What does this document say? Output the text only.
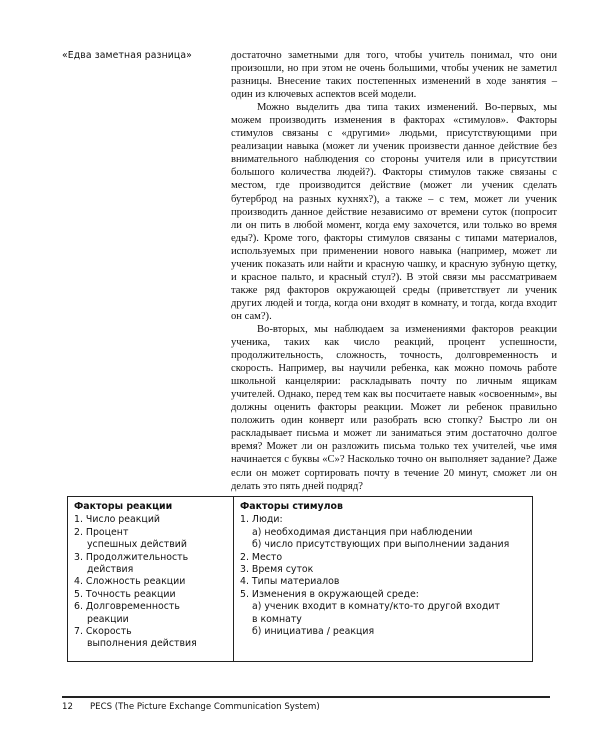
«Едва заметная разница»	достаточно заметными для того, чтобы учитель понимал, что они произошли, но при этом не очень большими, чтобы ученик не заметил разницы. Внесение таких постепенных изменений в ходе занятия – один из ключевых аспектов всей модели.

Можно выделить два типа таких изменений. Во-первых, мы можем производить изменения в факторах «стимулов». Факторы стимулов связаны с «другими» людьми, присутствующими при реализации навыка (может ли ученик произвести данное действие без внимательного наблюдения со стороны учителя или в присутствии большого количества людей?). Факторы стимулов также связаны с местом, где производится действие (может ли ученик сделать бутерброд на разных кухнях?), а также – с тем, может ли ученик производить данное действие независимо от времени суток (попросит ли он пить в любой момент, когда ему захочется, или только во время еды?). Кроме того, факторы стимулов связаны с типами материалов, используемых при применении нового навыка (например, может ли ученик показать или найти и красную чашку, и красную зубную щетку, и красное пальто, и красный стул?). В этой связи мы рассматриваем также ряд факторов окружающей среды (приветствует ли ученик других людей и тогда, когда они входят в комнату, и тогда, когда входит он сам?).

Во-вторых, мы наблюдаем за изменениями факторов реакции ученика, таких как число реакций, процент успешности, продолжительность, сложность, точность, долговременность и скорость. Например, вы научили ребенка, как можно помочь работе школьной канцелярии: раскладывать почту по личным ящикам учителей. Однако, перед тем как вы посчитаете навык «освоенным», вы должны оценить факторы реакции. Может ли ребенок правильно положить один конверт или разобрать всю стопку? Быстро ли он раскладывает письма и может ли заниматься этим достаточно долгое время? Может ли он разложить письма только тех учителей, чье имя начинается с буквы «С»? Насколько точно он выполняет задание? Даже если он может сортировать почту в течение 20 минут, сможет ли он делать это пять дней подряд?

Факторы реакции
1. Число реакций
2. Процент
успешных действий
3. Продолжительность
действия
4. Сложность реакции
5. Точность реакции
6. Долговременность
реакции
7. Скорость
выполнения действия
Факторы стимулов
1. Люди:
а) необходимая дистанция при наблюдении
б) число присутствующих при выполнении задания
2. Место
3. Время суток
4. Типы материалов
5. Изменения в окружающей среде:
а) ученик входит в комнату/кто-то другой входит
в комнату
б) инициатива / реакция
12 PECS (The Picture Exchange Communication System)
